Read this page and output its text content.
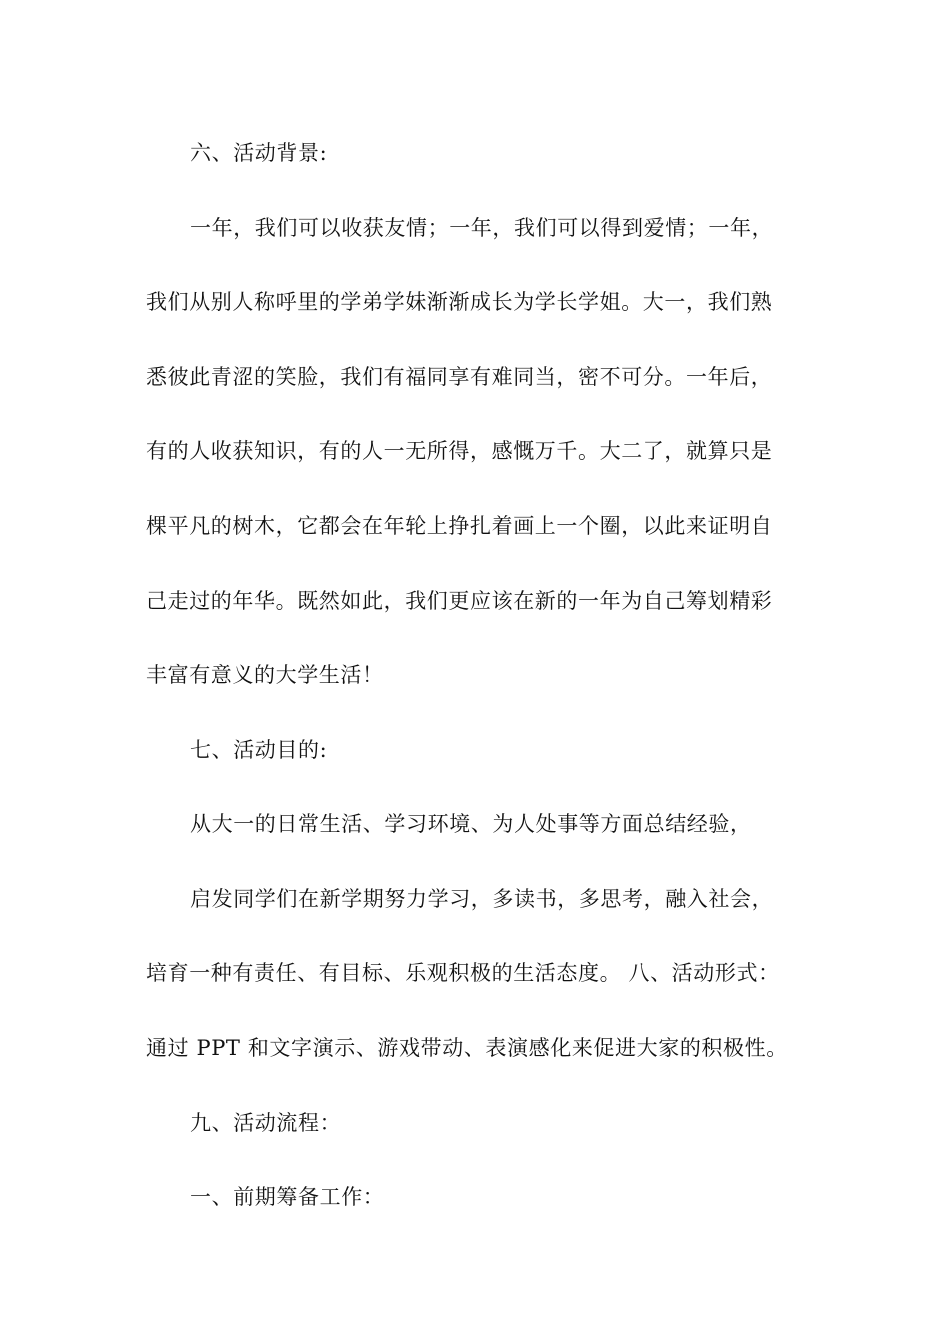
六、活动背景:
一年，我们可以收获友情；一年，我们可以得到爱情；一年，
我们从别人称呼里的学弟学妹渐渐成长为学长学姐。大一，我们熟
悉彼此青涩的笑脸，我们有福同享有难同当，密不可分。一年后，
有的人收获知识，有的人一无所得，感慨万千。大二了，就算只是
棵平凡的树木，它都会在年轮上挣扎着画上一个圈，以此来证明自
己走过的年华。既然如此，我们更应该在新的一年为自己筹划精彩
丰富有意义的大学生活！
七、活动目的:
从大一的日常生活、学习环境、为人处事等方面总结经验，
启发同学们在新学期努力学习，多读书，多思考，融入社会，
培育一种有责任、有目标、乐观积极的生活态度。 八、活动形式：
通过 PPT 和文字演示、游戏带动、表演感化来促进大家的积极性。
九、活动流程：
一、前期筹备工作：
